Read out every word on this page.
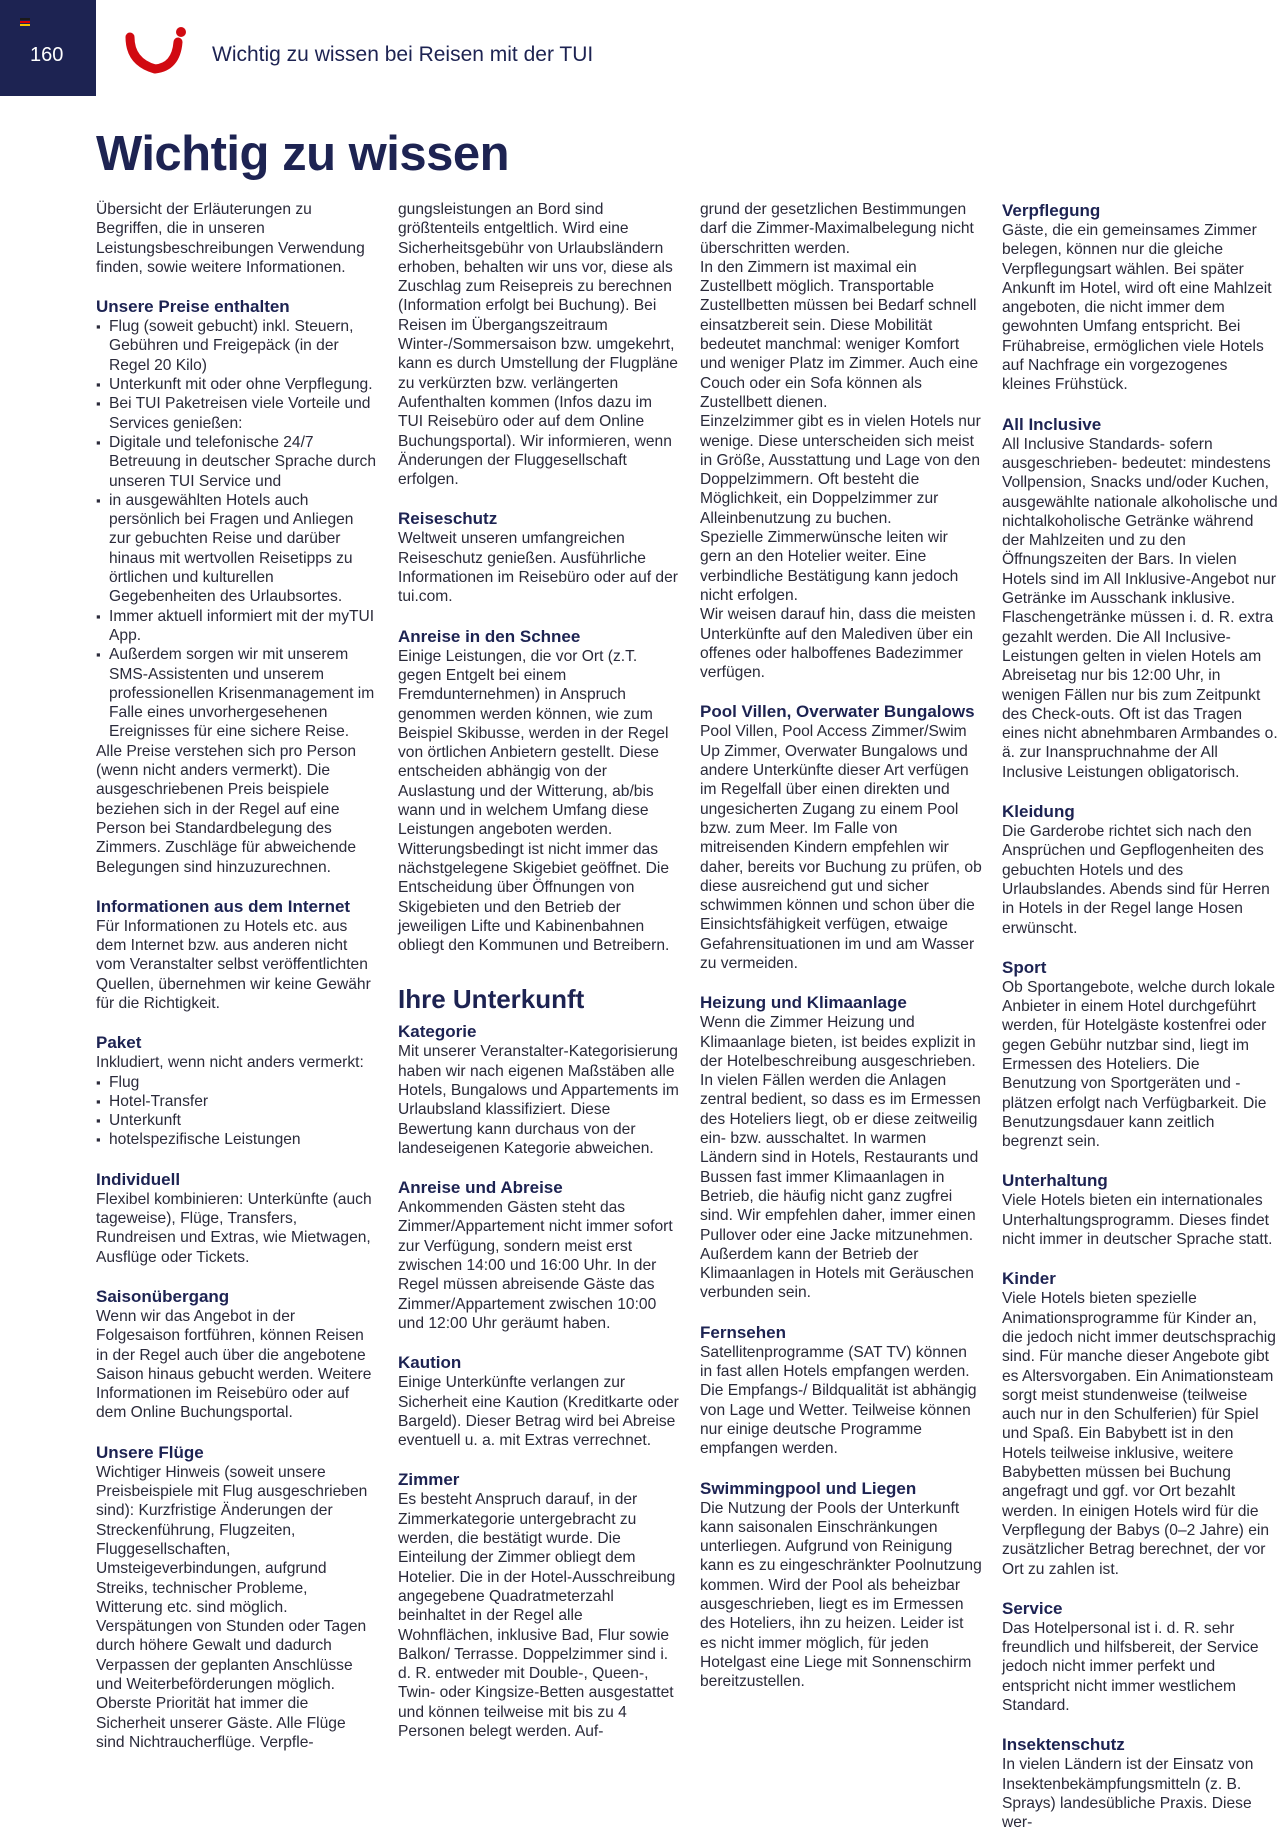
160	Wichtig zu wissen bei Reisen mit der TUI
Wichtig zu wissen

Übersicht der Erläuterungen zu Begriffen, die in unseren Leistungsbeschreibungen Verwendung finden, sowie weitere Informationen.

Unsere Preise enthalten
▪ Flug (soweit gebucht) inkl. Steuern, Gebühren und Freigepäck (in der Regel 20 Kilo)
▪ Unterkunft mit oder ohne Verpflegung.
▪ Bei TUI Paketreisen viele Vorteile und Services genießen:
▪ Digitale und telefonische 24/7 Betreuung in deutscher Sprache durch unseren TUI Service und
▪ in ausgewählten Hotels auch persönlich bei Fragen und Anliegen zur gebuchten Reise und darüber hinaus mit wertvollen Reisetipps zu örtlichen und kulturellen Gegebenheiten des Urlaubsortes.
▪ Immer aktuell informiert mit der myTUI App.
▪ Außerdem sorgen wir mit unserem SMS-Assistenten und unserem professionellen Krisenmanagement im Falle eines unvorhergesehenen Ereignisses für eine sichere Reise.

Alle Preise verstehen sich pro Person (wenn nicht anders vermerkt). Die ausgeschriebenen Preis beispiele beziehen sich in der Regel auf eine Person bei Standardbelegung des Zimmers. Zuschläge für abweichende Belegungen sind hinzuzurechnen.

Informationen aus dem Internet

Für Informationen zu Hotels etc. aus dem Internet bzw. aus anderen nicht vom Veranstalter selbst veröffentlichten Quellen, übernehmen wir keine Gewähr für die Richtigkeit.

Paket

Inkludiert, wenn nicht anders vermerkt:

▪ Flug
▪ Hotel-Transfer
▪ Unterkunft
▪ hotelspezifische Leistungen
Individuell

Flexibel kombinieren: Unterkünfte (auch tageweise), Flüge, Transfers, Rundreisen und Extras, wie Mietwagen, Ausflüge oder Tickets.

Saisonübergang

Wenn wir das Angebot in der Folgesaison fortführen, können Reisen in der Regel auch über die angebotene Saison hinaus gebucht werden. Weitere Informationen im Reisebüro oder auf dem Online Buchungsportal.

Unsere Flüge

Wichtiger Hinweis (soweit unsere Preisbeispiele mit Flug ausgeschrieben sind): Kurzfristige Änderungen der Streckenführung, Flugzeiten, Fluggesellschaften, Umsteigeverbindungen, aufgrund Streiks, technischer Probleme, Witterung etc. sind möglich. Verspätungen von Stunden oder Tagen durch höhere Gewalt und dadurch Verpassen der geplanten Anschlüsse und Weiterbeförderungen möglich. Oberste Priorität hat immer die Sicherheit unserer Gäste. Alle Flüge sind Nichtraucherflüge. Verpfle-

gungsleistungen an Bord sind größtenteils entgeltlich. Wird eine Sicherheitsgebühr von Urlaubsländern erhoben, behalten wir uns vor, diese als Zuschlag zum Reisepreis zu berechnen (Information erfolgt bei Buchung). Bei Reisen im Übergangszeitraum Winter-/Sommersaison bzw. umgekehrt, kann es durch Umstellung der Flugpläne zu verkürzten bzw. verlängerten Aufenthalten kommen (Infos dazu im TUI Reisebüro oder auf dem Online Buchungsportal). Wir informieren, wenn Änderungen der Fluggesellschaft erfolgen.

Reiseschutz

Weltweit unseren umfangreichen Reiseschutz genießen. Ausführliche Informationen im Reisebüro oder auf der tui.com.

Anreise in den Schnee

Einige Leistungen, die vor Ort (z.T. gegen Entgelt bei einem Fremdunternehmen) in Anspruch genommen werden können, wie zum Beispiel Skibusse, werden in der Regel von örtlichen Anbietern gestellt. Diese entscheiden abhängig von der Auslastung und der Witterung, ab/bis wann und in welchem Umfang diese Leistungen angeboten werden. Witterungsbedingt ist nicht immer das nächstgelegene Skigebiet geöffnet. Die Entscheidung über Öffnungen von Skigebieten und den Betrieb der jeweiligen Lifte und Kabinenbahnen obliegt den Kommunen und Betreibern.

Ihre Unterkunft
Kategorie

Mit unserer Veranstalter-Kategorisierung haben wir nach eigenen Maßstäben alle Hotels, Bungalows und Appartements im Urlaubsland klassifiziert. Diese Bewertung kann durchaus von der landeseigenen Kategorie abweichen.

Anreise und Abreise

Ankommenden Gästen steht das Zimmer/Appartement nicht immer sofort zur Verfügung, sondern meist erst zwischen 14:00 und 16:00 Uhr. In der Regel müssen abreisende Gäste das Zimmer/Appartement zwischen 10:00 und 12:00 Uhr geräumt haben.

Kaution

Einige Unterkünfte verlangen zur Sicherheit eine Kaution (Kreditkarte oder Bargeld). Dieser Betrag wird bei Abreise eventuell u. a. mit Extras verrechnet.

Zimmer

Es besteht Anspruch darauf, in der Zimmerkategorie untergebracht zu werden, die bestätigt wurde. Die Einteilung der Zimmer obliegt dem Hotelier. Die in der Hotel-Ausschreibung angegebene Quadratmeterzahl beinhaltet in der Regel alle Wohnflächen, inklusive Bad, Flur sowie Balkon/ Terrasse. Doppelzimmer sind i. d. R. entweder mit Double-, Queen-, Twin- oder Kingsize-Betten ausgestattet und können teilweise mit bis zu 4 Personen belegt werden. Auf-

grund der gesetzlichen Bestimmungen darf die Zimmer-Maximalbelegung nicht überschritten werden.

In den Zimmern ist maximal ein Zustellbett möglich. Transportable Zustellbetten müssen bei Bedarf schnell einsatzbereit sein. Diese Mobilität bedeutet manchmal: weniger Komfort und weniger Platz im Zimmer. Auch eine Couch oder ein Sofa können als Zustellbett dienen.

Einzelzimmer gibt es in vielen Hotels nur wenige. Diese unterscheiden sich meist in Größe, Ausstattung und Lage von den Doppelzimmern. Oft besteht die Möglichkeit, ein Doppelzimmer zur Alleinbenutzung zu buchen.

Spezielle Zimmerwünsche leiten wir gern an den Hotelier weiter. Eine verbindliche Bestätigung kann jedoch nicht erfolgen.

Wir weisen darauf hin, dass die meisten Unterkünfte auf den Malediven über ein offenes oder halboffenes Badezimmer verfügen.

Pool Villen, Overwater Bungalows

Pool Villen, Pool Access Zimmer/Swim Up Zimmer, Overwater Bungalows und andere Unterkünfte dieser Art verfügen im Regelfall über einen direkten und ungesicherten Zugang zu einem Pool bzw. zum Meer. Im Falle von mitreisenden Kindern empfehlen wir daher, bereits vor Buchung zu prüfen, ob diese ausreichend gut und sicher schwimmen können und schon über die Einsichtsfähigkeit verfügen, etwaige Gefahrensituationen im und am Wasser zu vermeiden.

Heizung und Klimaanlage

Wenn die Zimmer Heizung und Klimaanlage bieten, ist beides explizit in der Hotelbeschreibung ausgeschrieben. In vielen Fällen werden die Anlagen zentral bedient, so dass es im Ermessen des Hoteliers liegt, ob er diese zeitweilig ein- bzw. ausschaltet. In warmen Ländern sind in Hotels, Restaurants und Bussen fast immer Klimaanlagen in Betrieb, die häufig nicht ganz zugfrei sind. Wir empfehlen daher, immer einen Pullover oder eine Jacke mitzunehmen. Außerdem kann der Betrieb der Klimaanlagen in Hotels mit Geräuschen verbunden sein.

Fernsehen

Satellitenprogramme (SAT TV) können in fast allen Hotels empfangen werden. Die Empfangs-/ Bildqualität ist abhängig von Lage und Wetter. Teilweise können nur einige deutsche Programme empfangen werden.

Swimmingpool und Liegen

Die Nutzung der Pools der Unterkunft kann saisonalen Einschränkungen unterliegen. Aufgrund von Reinigung kann es zu eingeschränkter Poolnutzung kommen. Wird der Pool als beheizbar ausgeschrieben, liegt es im Ermessen des Hoteliers, ihn zu heizen. Leider ist es nicht immer möglich, für jeden Hotelgast eine Liege mit Sonnenschirm bereitzustellen.

Verpflegung

Gäste, die ein gemeinsames Zimmer belegen, können nur die gleiche Verpflegungsart wählen. Bei später Ankunft im Hotel, wird oft eine Mahlzeit angeboten, die nicht immer dem gewohnten Umfang entspricht. Bei Frühabreise, ermöglichen viele Hotels auf Nachfrage ein vorgezogenes kleines Frühstück.

All Inclusive

All Inclusive Standards- sofern ausgeschrieben- bedeutet: mindestens Vollpension, Snacks und/oder Kuchen, ausgewählte nationale alkoholische und nichtalkoholische Getränke während der Mahlzeiten und zu den Öffnungszeiten der Bars. In vielen Hotels sind im All Inklusive-Angebot nur Getränke im Ausschank inklusive. Flaschengetränke müssen i. d. R. extra gezahlt werden. Die All Inclusive- Leistungen gelten in vielen Hotels am Abreisetag nur bis 12:00 Uhr, in wenigen Fällen nur bis zum Zeitpunkt des Check-outs. Oft ist das Tragen eines nicht abnehmbaren Armbandes o. ä. zur Inanspruchnahme der All Inclusive Leistungen obligatorisch.

Kleidung

Die Garderobe richtet sich nach den Ansprüchen und Gepflogenheiten des gebuchten Hotels und des Urlaubslandes. Abends sind für Herren in Hotels in der Regel lange Hosen erwünscht.

Sport

Ob Sportangebote, welche durch lokale Anbieter in einem Hotel durchgeführt werden, für Hotelgäste kostenfrei oder gegen Gebühr nutzbar sind, liegt im Ermessen des Hoteliers. Die Benutzung von Sportgeräten und -plätzen erfolgt nach Verfügbarkeit. Die Benutzungsdauer kann zeitlich begrenzt sein.

Unterhaltung

Viele Hotels bieten ein internationales Unterhaltungsprogramm. Dieses findet nicht immer in deutscher Sprache statt.

Kinder

Viele Hotels bieten spezielle Animationsprogramme für Kinder an, die jedoch nicht immer deutschsprachig sind. Für manche dieser Angebote gibt es Altersvorgaben. Ein Animationsteam sorgt meist stundenweise (teilweise auch nur in den Schulferien) für Spiel und Spaß. Ein Babybett ist in den Hotels teilweise inklusive, weitere Babybetten müssen bei Buchung angefragt und ggf. vor Ort bezahlt werden. In einigen Hotels wird für die Verpflegung der Babys (0–2 Jahre) ein zusätzlicher Betrag berechnet, der vor Ort zu zahlen ist.

Service

Das Hotelpersonal ist i. d. R. sehr freundlich und hilfsbereit, der Service jedoch nicht immer perfekt und entspricht nicht immer westlichem Standard.

Insektenschutz

In vielen Ländern ist der Einsatz von Insektenbekämpfungsmitteln (z. B. Sprays) landesübliche Praxis. Diese wer-
